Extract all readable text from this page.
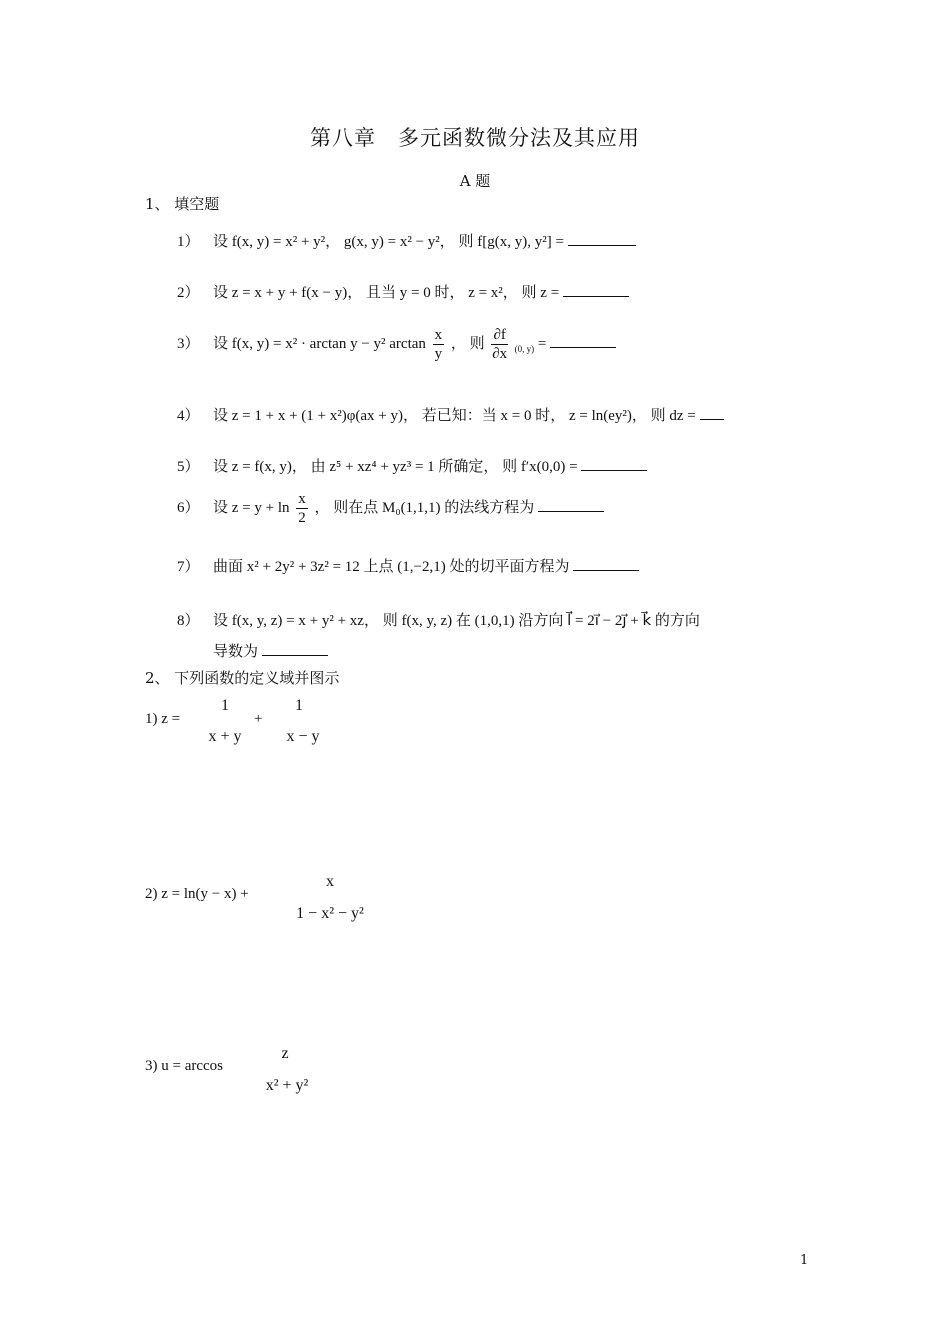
第八章　多元函数微分法及其应用
A 题
1、 填空题
1） 设 f(x, y) = x² + y²， g(x, y) = x² − y²， 则 f[g(x, y), y²] =
2） 设 z = x + y + f(x − y)， 且当 y = 0 时， z = x²， 则 z =
3） 设 f(x, y) = x² · arctan y − y² $\arctan \frac{x}{y}$ ， 则 $\frac{\partial f}{\partial x} _{(0, y)}$ =
4） 设 z = 1 + x + (1 + x²)φ(ax + y)， 若已知：当 x = 0 时， z = ln(ey²)， 则 dz =
5） 设 z = f(x, y)， 由 z⁵ + xz⁴ + yz³ = 1 所确定， 则 f′x(0,0) =
6） 设 $z = y + \ln \frac{x}{2}$ ， 则在点 M₀(1,1,1) 的法线方程为
7） 曲面 x² + 2y² + 3z² = 12 上点 (1,−2,1) 处的切平面方程为
8） 设 f(x, y, z) = x + y² + xz， 则 f(x, y, z) 在 (1,0,1) 沿方向 l⃗ = 2i⃗ − 2j⃗ + k⃗ 的方向
导数为
2、 下列函数的定义域并图示
1) z =
1
x + y
+
1
x − y
2) z = ln(y − x) +
x
1 − x² − y²
3) u = arccos
z
x² + y²
1
